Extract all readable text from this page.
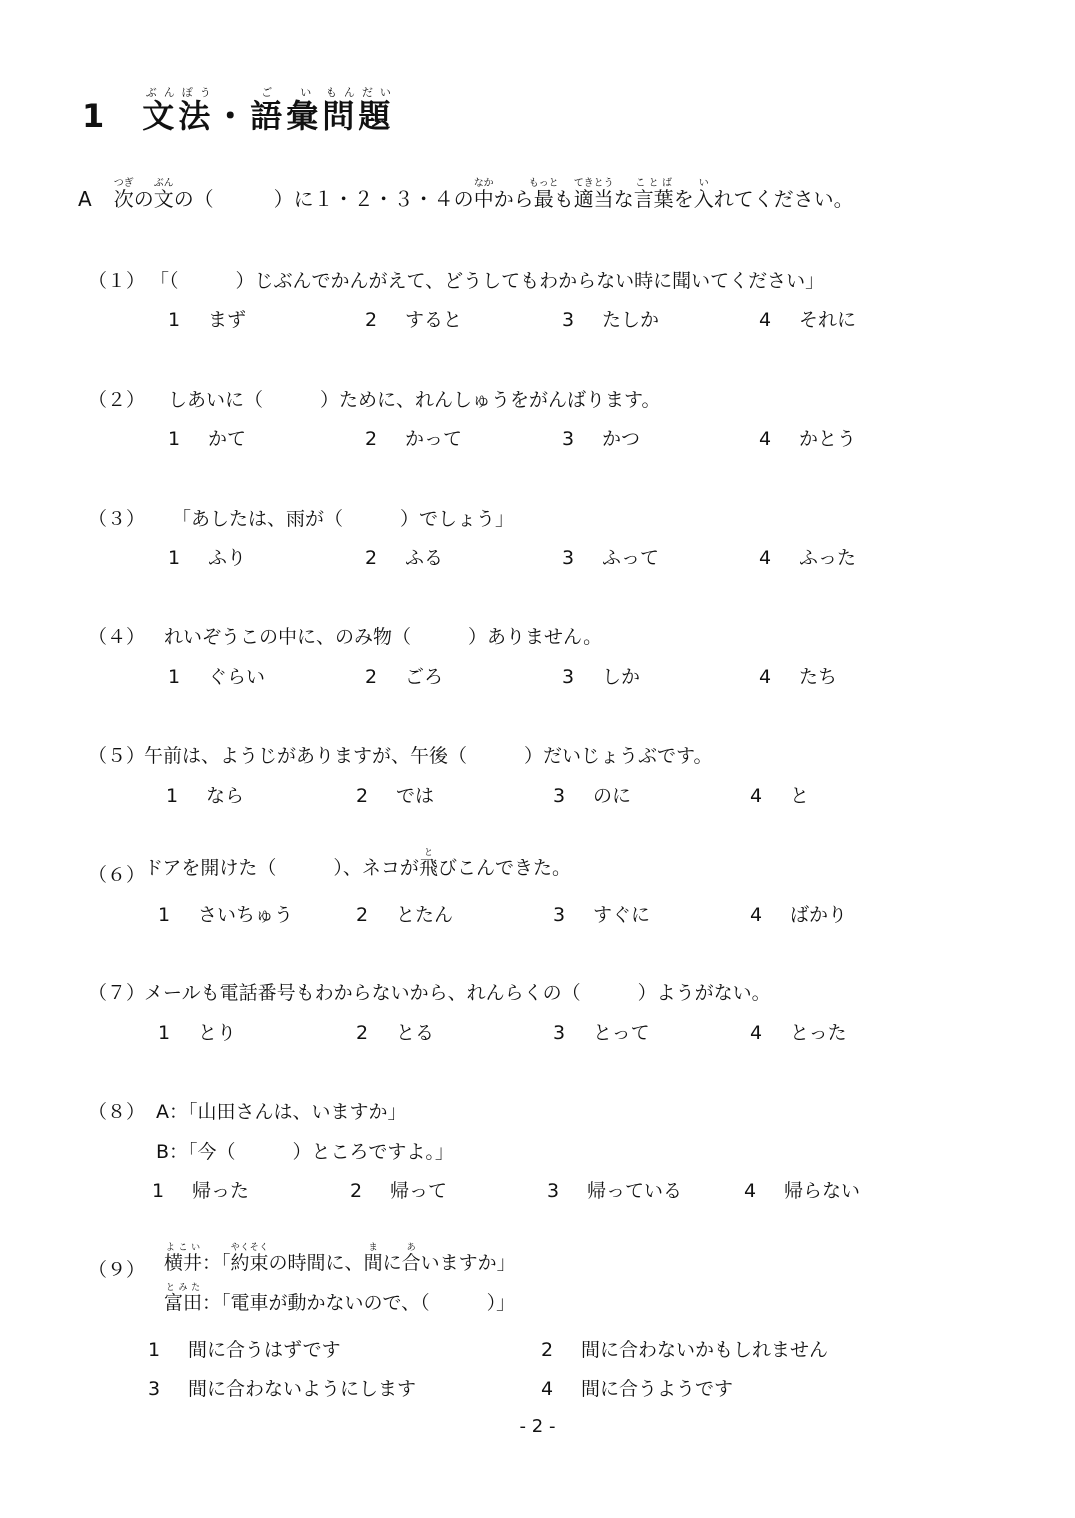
1 文法ぶんぽう・語彙ごい問題もんだい
A 次つぎの文ぶんの（　　　）に１・２・３・４の中なかから最もっとも適当てきとうな言葉ことばを入いれてください。
（１） 「（　　　）じぶんでかんがえて、どうしてもわからない時に聞いてください」
1 まず	2 すると	3 たしか	4 それに
（２） しあいに（　　　）ために、れんしゅうをがんばります。
1 かて	2 かって	3 かつ	4 かとう
（３） 「あしたは、雨が（　　　）でしょう」
1 ふり	2 ふる	3 ふって	4 ふった
（４） れいぞうこの中に、のみ物（　　　）ありません。
1 ぐらい	2 ごろ	3 しか	4 たち
（５）
午前は、ようじがありますが、午後（　　　）だいじょうぶです。
1 なら	2 では	3 のに	4 と
（６）
ドアを開けた（　　　）、ネコが飛とびこんできた。
1 さいちゅう	2 とたん	3 すぐに	4 ばかり
（７）
メールも電話番号もわからないから、れんらくの（　　　）ようがない。
1 とり	2 とる	3 とって	4 とった
（８） A：「山田さんは、いますか」
B：「今（　　　）ところですよ。」
1 帰った	2 帰って	3 帰っている	4 帰らない
（９） 横井よこい：「約束やくそくの時間に、間まに合あいますか」
富田とみた：「電車が動かないので、（　　　）」
1 間に合うはずです	2 間に合わないかもしれません
3 間に合わないようにします	4 間に合うようです
- 2 -
